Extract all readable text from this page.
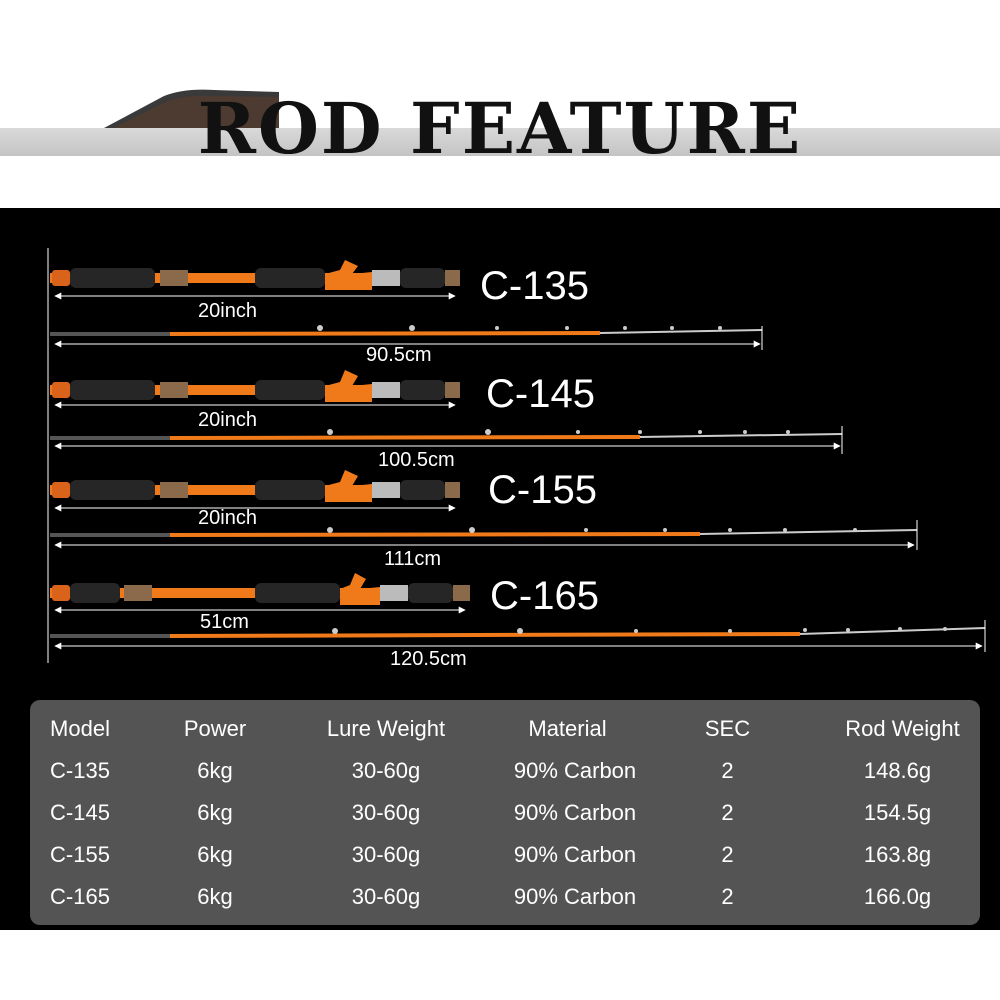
ROD FEATURE
C-135
20inch
90.5cm
C-145
20inch
100.5cm
C-155
20inch
111cm
C-165
51cm
120.5cm
Model	Power	Lure Weight	Material	SEC	Rod Weight
C-135	6kg	30-60g	90% Carbon	2	148.6g
C-145	6kg	30-60g	90% Carbon	2	154.5g
C-155	6kg	30-60g	90% Carbon	2	163.8g
C-165	6kg	30-60g	90% Carbon	2	166.0g
